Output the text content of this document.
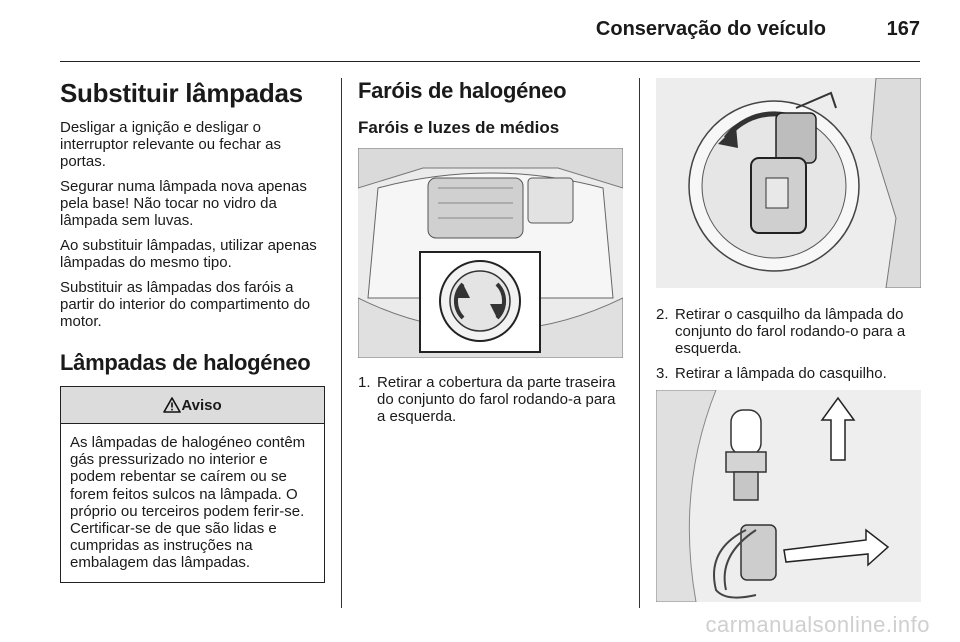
Conservação do veículo	167
Substituir lâmpadas

Desligar a ignição e desligar o interruptor relevante ou fechar as portas.

Segurar numa lâmpada nova apenas pela base! Não tocar no vidro da lâmpada sem luvas.

Ao substituir lâmpadas, utilizar apenas lâmpadas do mesmo tipo.

Substituir as lâmpadas dos faróis a partir do interior do compartimento do motor.

Lâmpadas de halogéneo
Aviso
As lâmpadas de halogéneo contêm gás pressurizado no interior e podem rebentar se caírem ou se forem feitos sulcos na lâmpada. O próprio ou terceiros podem ferir-se. Certificar-se de que são lidas e cumpridas as instruções na embalagem das lâmpadas.
Faróis de halogéneo
Faróis e luzes de médios
1. Retirar a cobertura da parte traseira do conjunto do farol rodando-a para a esquerda.
2. Retirar o casquilho da lâmpada do conjunto do farol rodando-o para a esquerda.
3. Retirar a lâmpada do casquilho.
carmanualsonline.info
